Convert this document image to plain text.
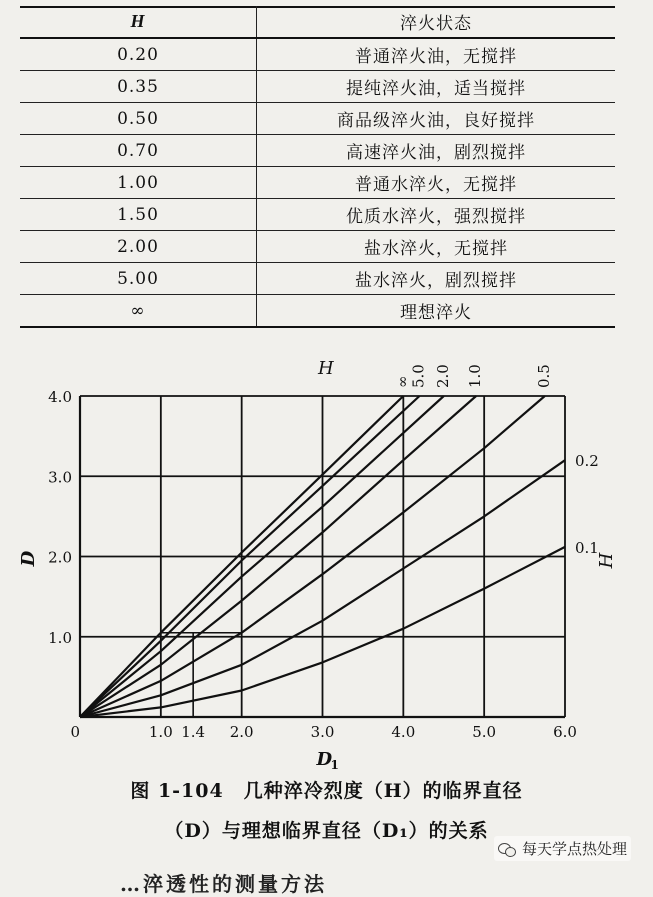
H	淬火状态
0.20	普通淬火油，无搅拌
0.35	提纯淬火油，适当搅拌
0.50	商品级淬火油，良好搅拌
0.70	高速淬火油，剧烈搅拌
1.00	普通水淬火，无搅拌
1.50	优质水淬火，强烈搅拌
2.00	盐水淬火，无搅拌
5.00	盐水淬火，剧烈搅拌
∞	理想淬火
0	1.0 1.4 2.0	3.0	4.0	5.0	6.0
1.0
2.0
3.0
4.0
D
1
D
H
H
∞
5.0 2.0 1.0	0.5
0.2
0.1
图 1-104　几种淬冷烈度（H）的临界直径
（D）与理想临界直径（D₁）的关系
每天学点热处理
…淬透性的测量方法
